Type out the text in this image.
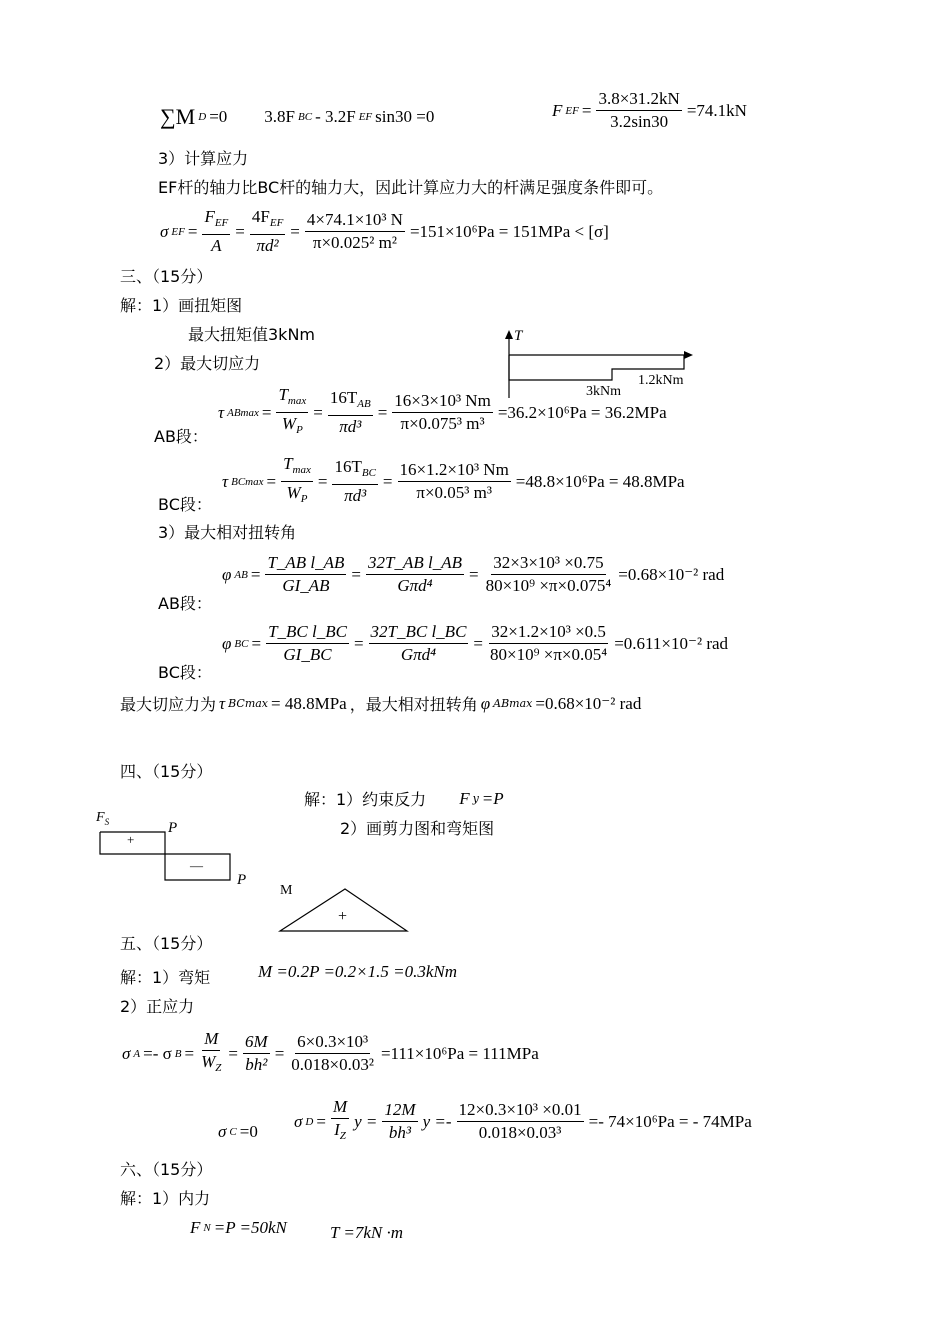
∑M D =0 3.8F BC - 3.2F EF sin30 =0	F EF = $\frac{3.8\times 31.2kN}{3.2\sin 30} =74.1kN$
3）计算应力
EF杆的轴力比BC杆的轴力大，因此计算应力大的杆满足强度条件即可。
σ EF =
$F_{EF}$
A
=
$4F_{EF}$
πd²
= $\frac{\text{4×74.1×10³ N}}{\text{π×0.025² m²}} =151\times 10^6Pa = 151MPa < [\sigma]$
三、（15分）
解：1）画扭矩图
最大扭矩值3kNm
2）最大切应力
T
3kNm
1.2kNm
AB段：
τ ABmax =
$T_{max}$
$W_P$
=
$16T_{AB}$
πd³
= $\frac{\text{16×3×10³ Nm}}{\text{π×0.075³ m³}} =36.2\times 10^6Pa = 36.2MPa$
BC段：
τ BCmax =
$T_{max}$
$W_P$
=
$16T_{BC}$
πd³
= $\frac{\text{16×1.2×10³ Nm}}{\text{π×0.05³ m³}} =48.8\times 10^6Pa = 48.8MPa$
3）最大相对扭转角
AB段：
φ AB = $\frac{\text{T\_AB l\_AB}}{GI\_AB}$ =
32T_AB l_AB
Gπd⁴
= $\frac{\text{32×3×10³ ×0.75}}{\text{80×10⁹ ×π×0.075⁴}} =0.68\times 10^{-2}$ rad
BC段：
φ BC = $\frac{\text{T\_BC l\_BC}}{GI\_BC}$ =
32T_BC l_BC
Gπd⁴
= $\frac{\text{32×1.2×10³ ×0.5}}{\text{80×10⁹ ×π×0.05⁴}} =0.611\times 10^{-2}$ rad
最大切应力为 τ BCmax = 48.8MPa ，最大相对扭转角 φ ABmax =0.68×10⁻² rad
四、（15分）
解：1）约束反力 F y =P
2）画剪力图和弯矩图
$F_S$	P
+
—
P
M
+
五、（15分）
解：1）弯矩	M =0.2P =0.2×1.5 =0.3kNm
2）正应力
σ A =- σ $B = \frac{M}{W_Z} = \frac{6M}{\text{bh²}} = \frac{\text{6×0.3×10³}}{\text{0.018×0.03²}} =111\times 10^6Pa = 111MPa$
σ C =0
σ $D = \frac{M}{I_Z}$ $y = \frac{12M}{\text{bh³}}$ $y =- \frac{\text{12×0.3×10³ ×0.01}}{\text{0.018×0.03³}} =- 74\times 10^6Pa$ = - 74MPa
六、（15分）
解：1）内力
F N =P =50kN	T =7kN ·m
